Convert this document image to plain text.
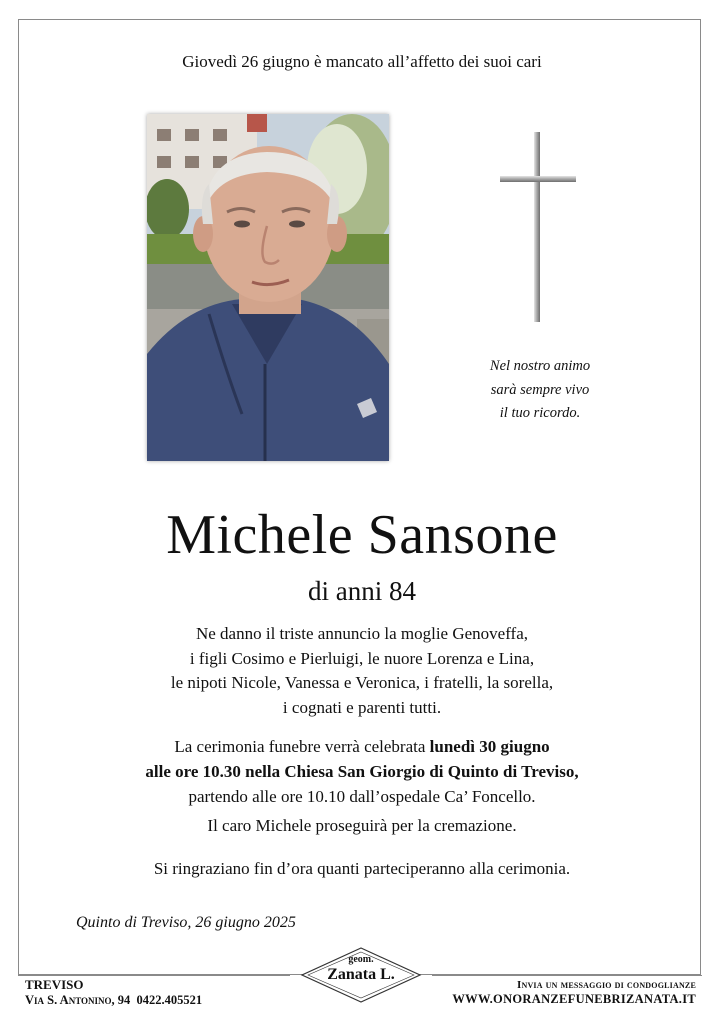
Giovedì 26 giugno è mancato all’affetto dei suoi cari
Nel nostro animo
sarà sempre vivo
il tuo ricordo.
Michele Sansone
di anni 84
Ne danno il triste annuncio la moglie Genoveffa,
i figli Cosimo e Pierluigi, le nuore Lorenza e Lina,
le nipoti Nicole, Vanessa e Veronica, i fratelli, la sorella,
i cognati e parenti tutti.
La cerimonia funebre verrà celebrata lunedì 30 giugno
alle ore 10.30 nella Chiesa San Giorgio di Quinto di Treviso,
partendo alle ore 10.10 dall’ospedale Ca’ Foncello.
Il caro Michele proseguirà per la cremazione.
Si ringraziano fin d’ora quanti parteciperanno alla cerimonia.
Quinto di Treviso, 26 giugno 2025
geom.
Zanata L.
TREVISO
Via S. Antonino, 94 0422.405521
Invia un messaggio di condoglianze
WWW.ONORANZEFUNEBRIZANATA.IT
